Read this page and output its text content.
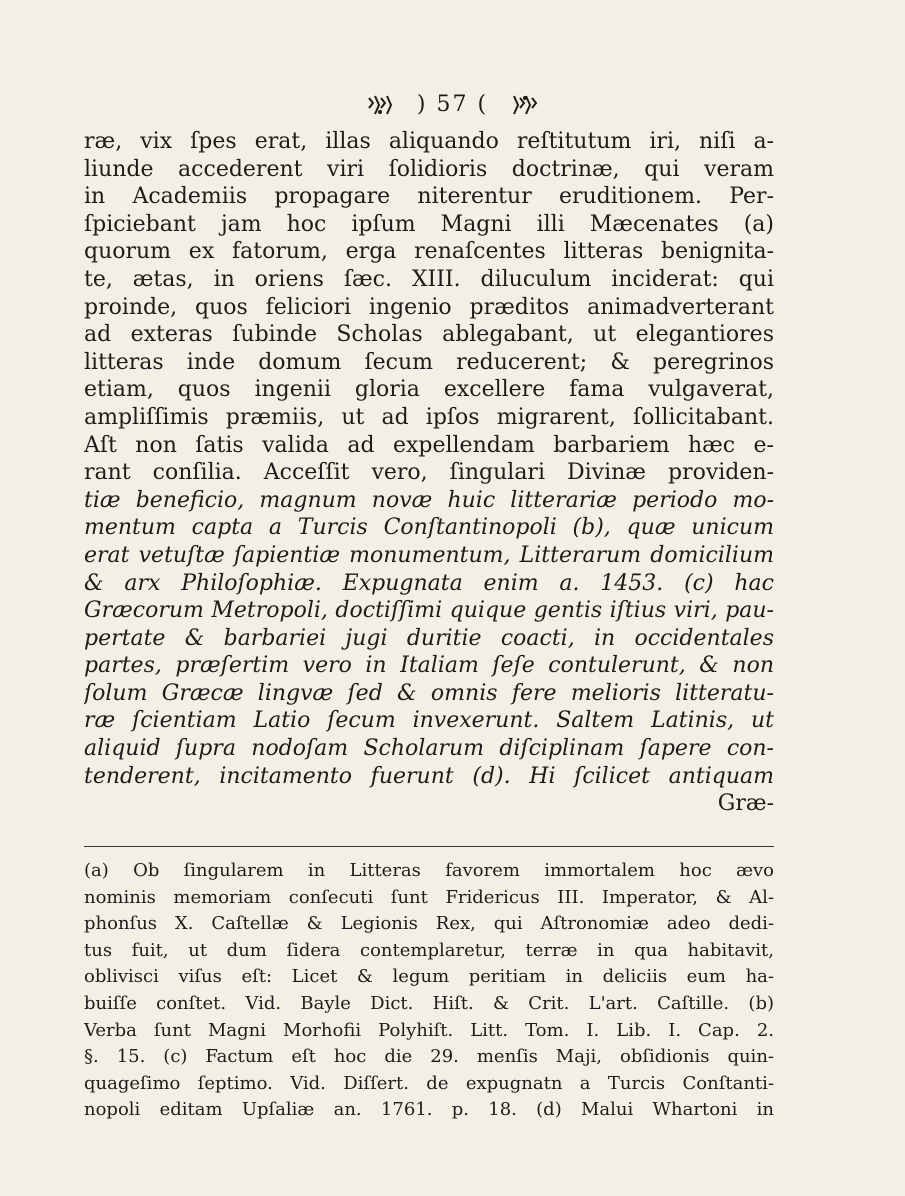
) 57 (
ræ, vix ſpes erat, illas aliquando reſtitutum iri, niſi a-
liunde accederent viri ſolidioris doctrinæ, qui veram
in Academiis propagare niterentur eruditionem. Per-
ſpiciebant jam hoc ipſum Magni illi Mæcenates (a)
quorum ex fatorum, erga renaſcentes litteras benignita-
te, ætas, in oriens ſæc. XIII. diluculum inciderat: qui
proinde, quos feliciori ingenio præditos animadverterant
ad exteras ſubinde Scholas ablegabant, ut elegantiores
litteras inde domum ſecum reducerent; & peregrinos
etiam, quos ingenii gloria excellere fama vulgaverat,
ampliſſimis præmiis, ut ad ipſos migrarent, ſollicitabant.
Aſt non ſatis valida ad expellendam barbariem hæc e-
rant conſilia. Acceſſit vero, ſingulari Divinæ providen-
tiæ beneficio, magnum novæ huic litterariæ periodo mo-
mentum capta a Turcis Conſtantinopoli (b), quæ unicum
erat vetuſtæ ſapientiæ monumentum, Litterarum domicilium
& arx Philoſophiæ. Expugnata enim a. 1453. (c) hac
Græcorum Metropoli, doctiſſimi quique gentis iſtius viri, pau-
pertate & barbariei jugi duritie coacti, in occidentales
partes, præſertim vero in Italiam ſeſe contulerunt, & non
ſolum Græcæ lingvæ ſed & omnis fere melioris litteratu-
ræ ſcientiam Latio ſecum invexerunt. Saltem Latinis, ut
aliquid ſupra nodoſam Scholarum diſciplinam ſapere con-
tenderent, incitamento fuerunt (d). Hi ſcilicet antiquam
Græ-
(a) Ob ſingularem in Litteras favorem immortalem hoc ævo
nominis memoriam conſecuti ſunt Fridericus III. Imperator, & Al-
phonſus X. Caſtellæ & Legionis Rex, qui Aſtronomiæ adeo dedi-
tus fuit, ut dum ſidera contemplaretur, terræ in qua habitavit,
oblivisci viſus eſt: Licet & legum peritiam in deliciis eum ha-
buiſſe conſtet. Vid. Bayle Dict. Hiſt. & Crit. L'art. Caſtille. (b)
Verba ſunt Magni Morhofii Polyhiſt. Litt. Tom. I. Lib. I. Cap. 2.
§. 15. (c) Factum eſt hoc die 29. menſis Maji, obſidionis quin-
quageſimo ſeptimo. Vid. Diſſert. de expugnatn a Turcis Conſtanti-
nopoli editam Upſaliæ an. 1761. p. 18. (d) Malui Whartoni in
